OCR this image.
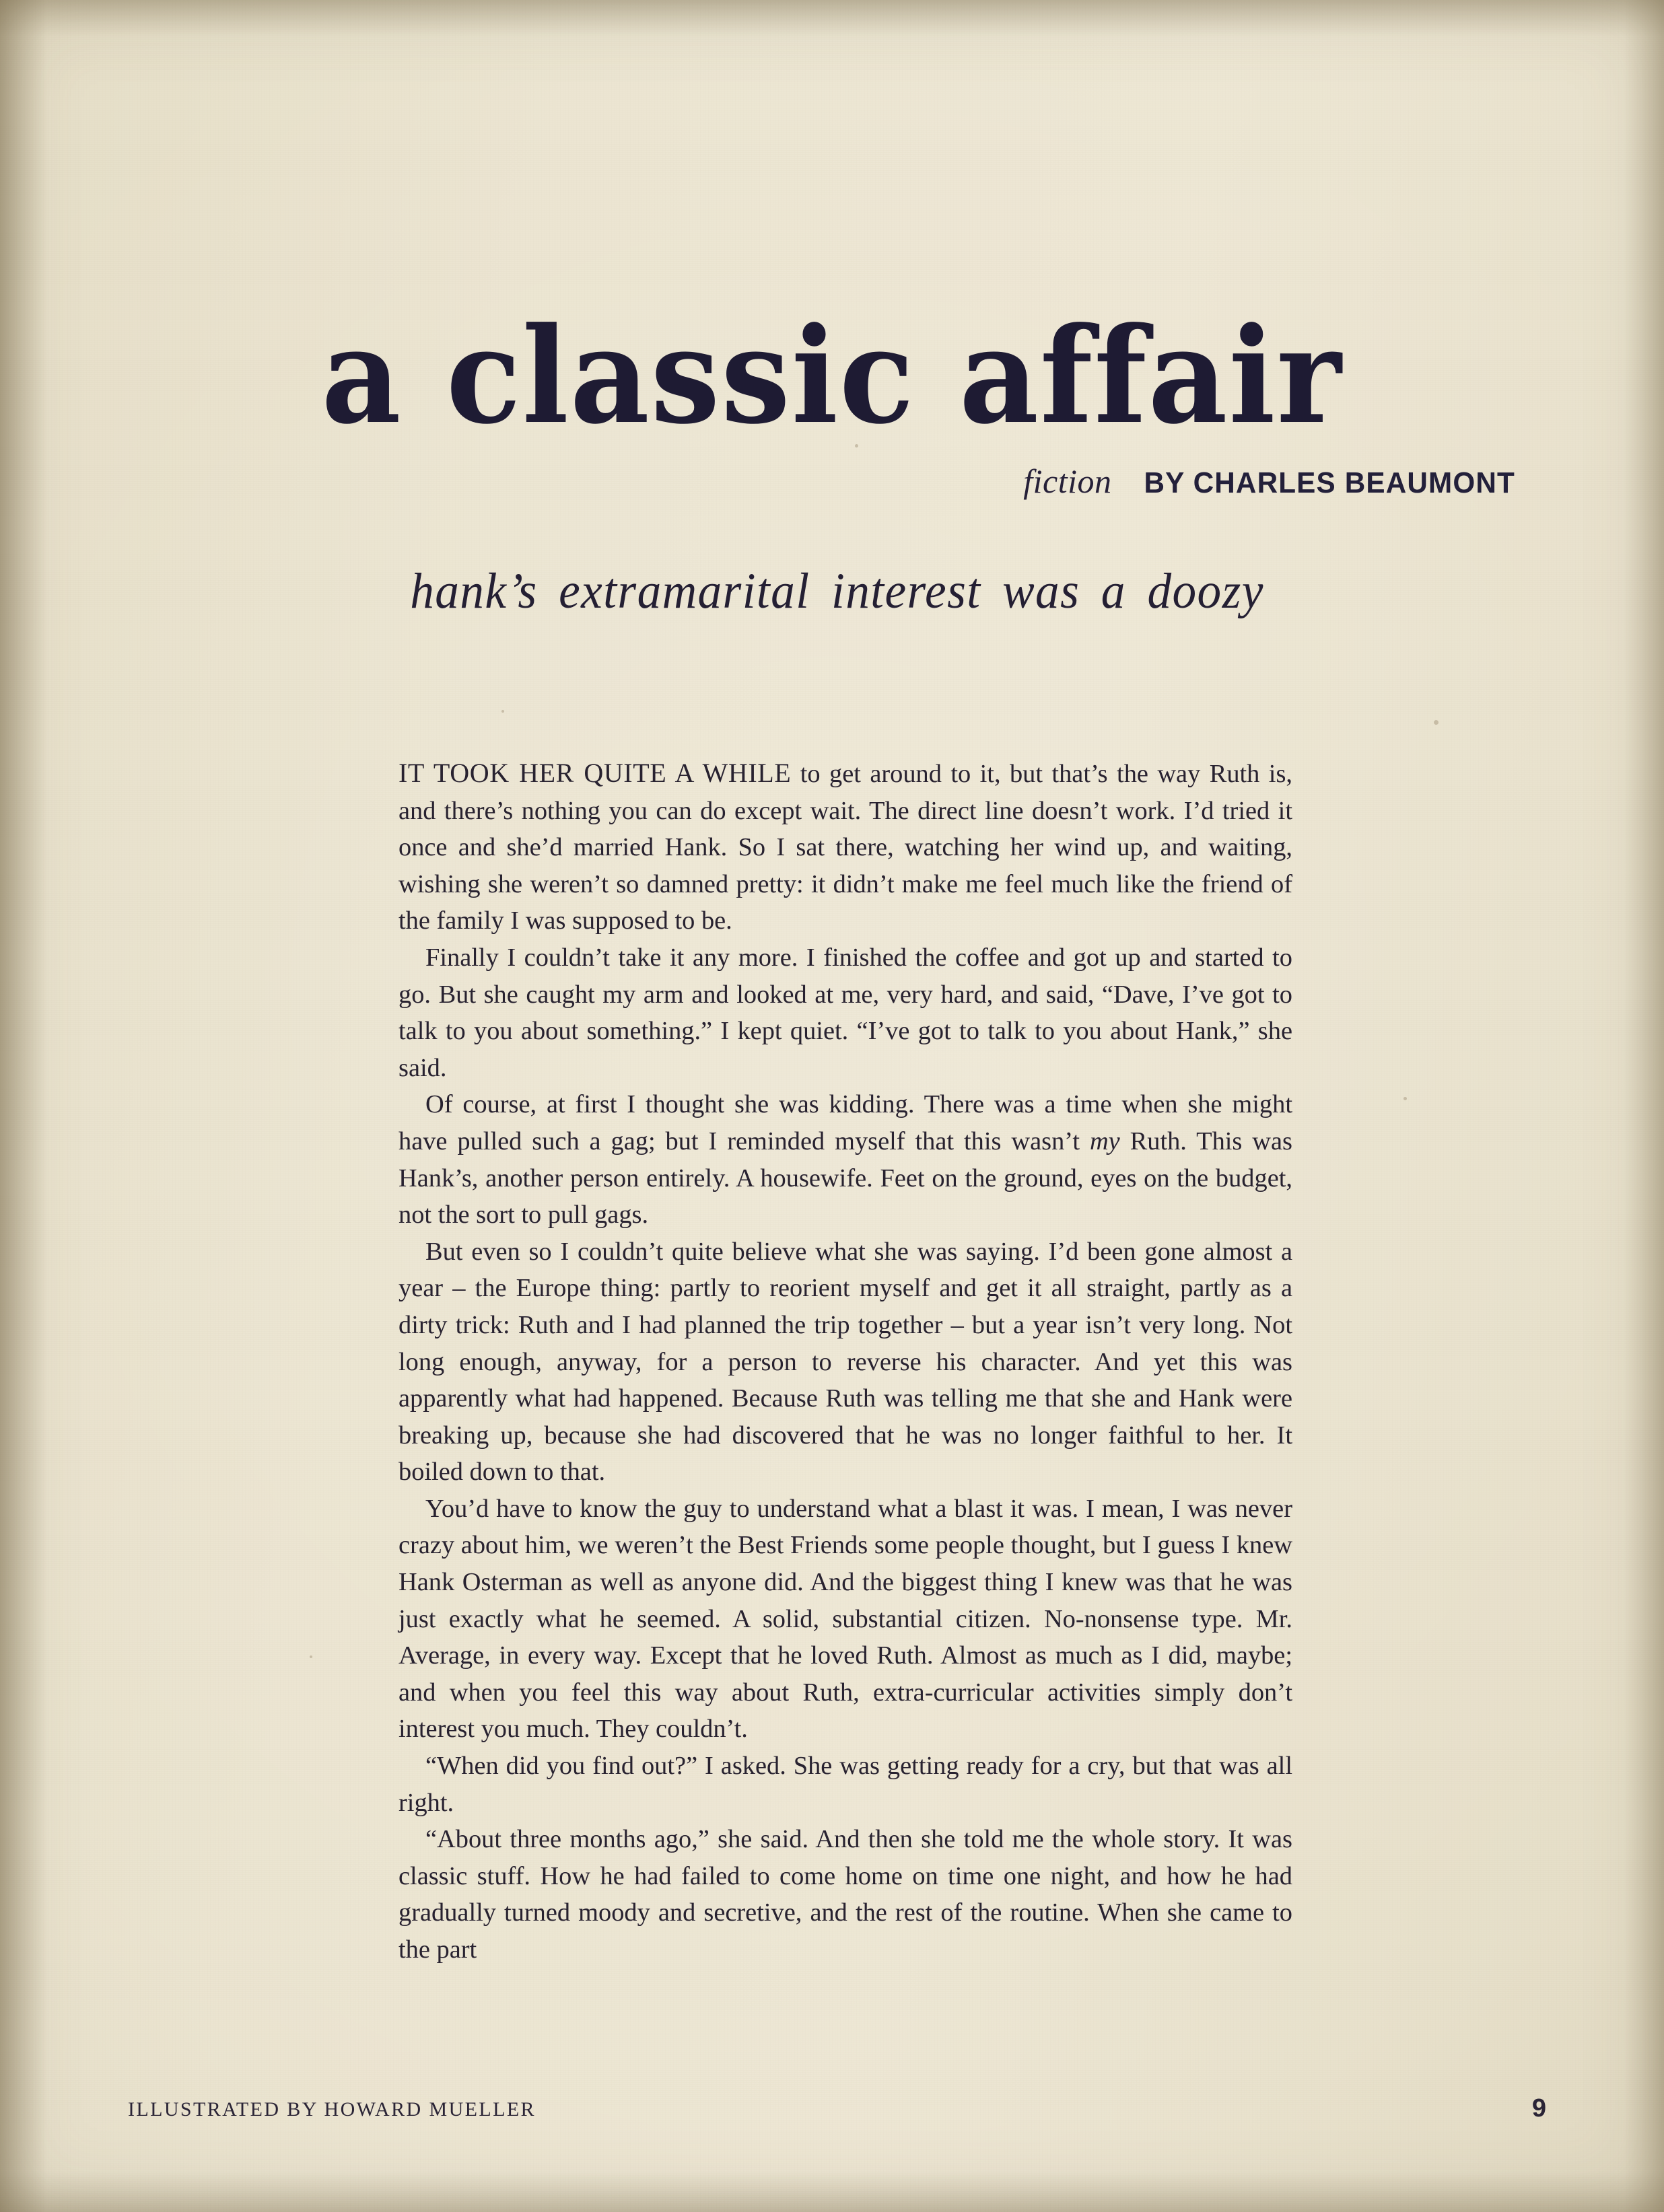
a classic affair
fiction BY CHARLES BEAUMONT
hank’s extramarital interest was a doozy

IT TOOK HER QUITE A WHILE to get around to it, but that’s the way Ruth is, and there’s nothing you can do except wait. The direct line doesn’t work. I’d tried it once and she’d married Hank. So I sat there, watching her wind up, and waiting, wishing she weren’t so damned pretty: it didn’t make me feel much like the friend of the family I was supposed to be.

Finally I couldn’t take it any more. I finished the coffee and got up and started to go. But she caught my arm and looked at me, very hard, and said, “Dave, I’ve got to talk to you about something.” I kept quiet. “I’ve got to talk to you about Hank,” she said.

Of course, at first I thought she was kidding. There was a time when she might have pulled such a gag; but I reminded myself that this wasn’t my Ruth. This was Hank’s, another person entirely. A housewife. Feet on the ground, eyes on the budget, not the sort to pull gags.

But even so I couldn’t quite believe what she was saying. I’d been gone almost a year – the Europe thing: partly to reorient myself and get it all straight, partly as a dirty trick: Ruth and I had planned the trip together – but a year isn’t very long. Not long enough, anyway, for a person to reverse his character. And yet this was apparently what had happened. Because Ruth was telling me that she and Hank were breaking up, because she had discovered that he was no longer faithful to her. It boiled down to that.

You’d have to know the guy to understand what a blast it was. I mean, I was never crazy about him, we weren’t the Best Friends some people thought, but I guess I knew Hank Osterman as well as anyone did. And the biggest thing I knew was that he was just exactly what he seemed. A solid, substantial citizen. No-nonsense type. Mr. Average, in every way. Except that he loved Ruth. Almost as much as I did, maybe; and when you feel this way about Ruth, extra-curricular activities simply don’t interest you much. They couldn’t.

“When did you find out?” I asked. She was getting ready for a cry, but that was all right.

“About three months ago,” she said. And then she told me the whole story. It was classic stuff. How he had failed to come home on time one night, and how he had gradually turned moody and secretive, and the rest of the routine. When she came to the part

ILLUSTRATED BY HOWARD MUELLER	9
